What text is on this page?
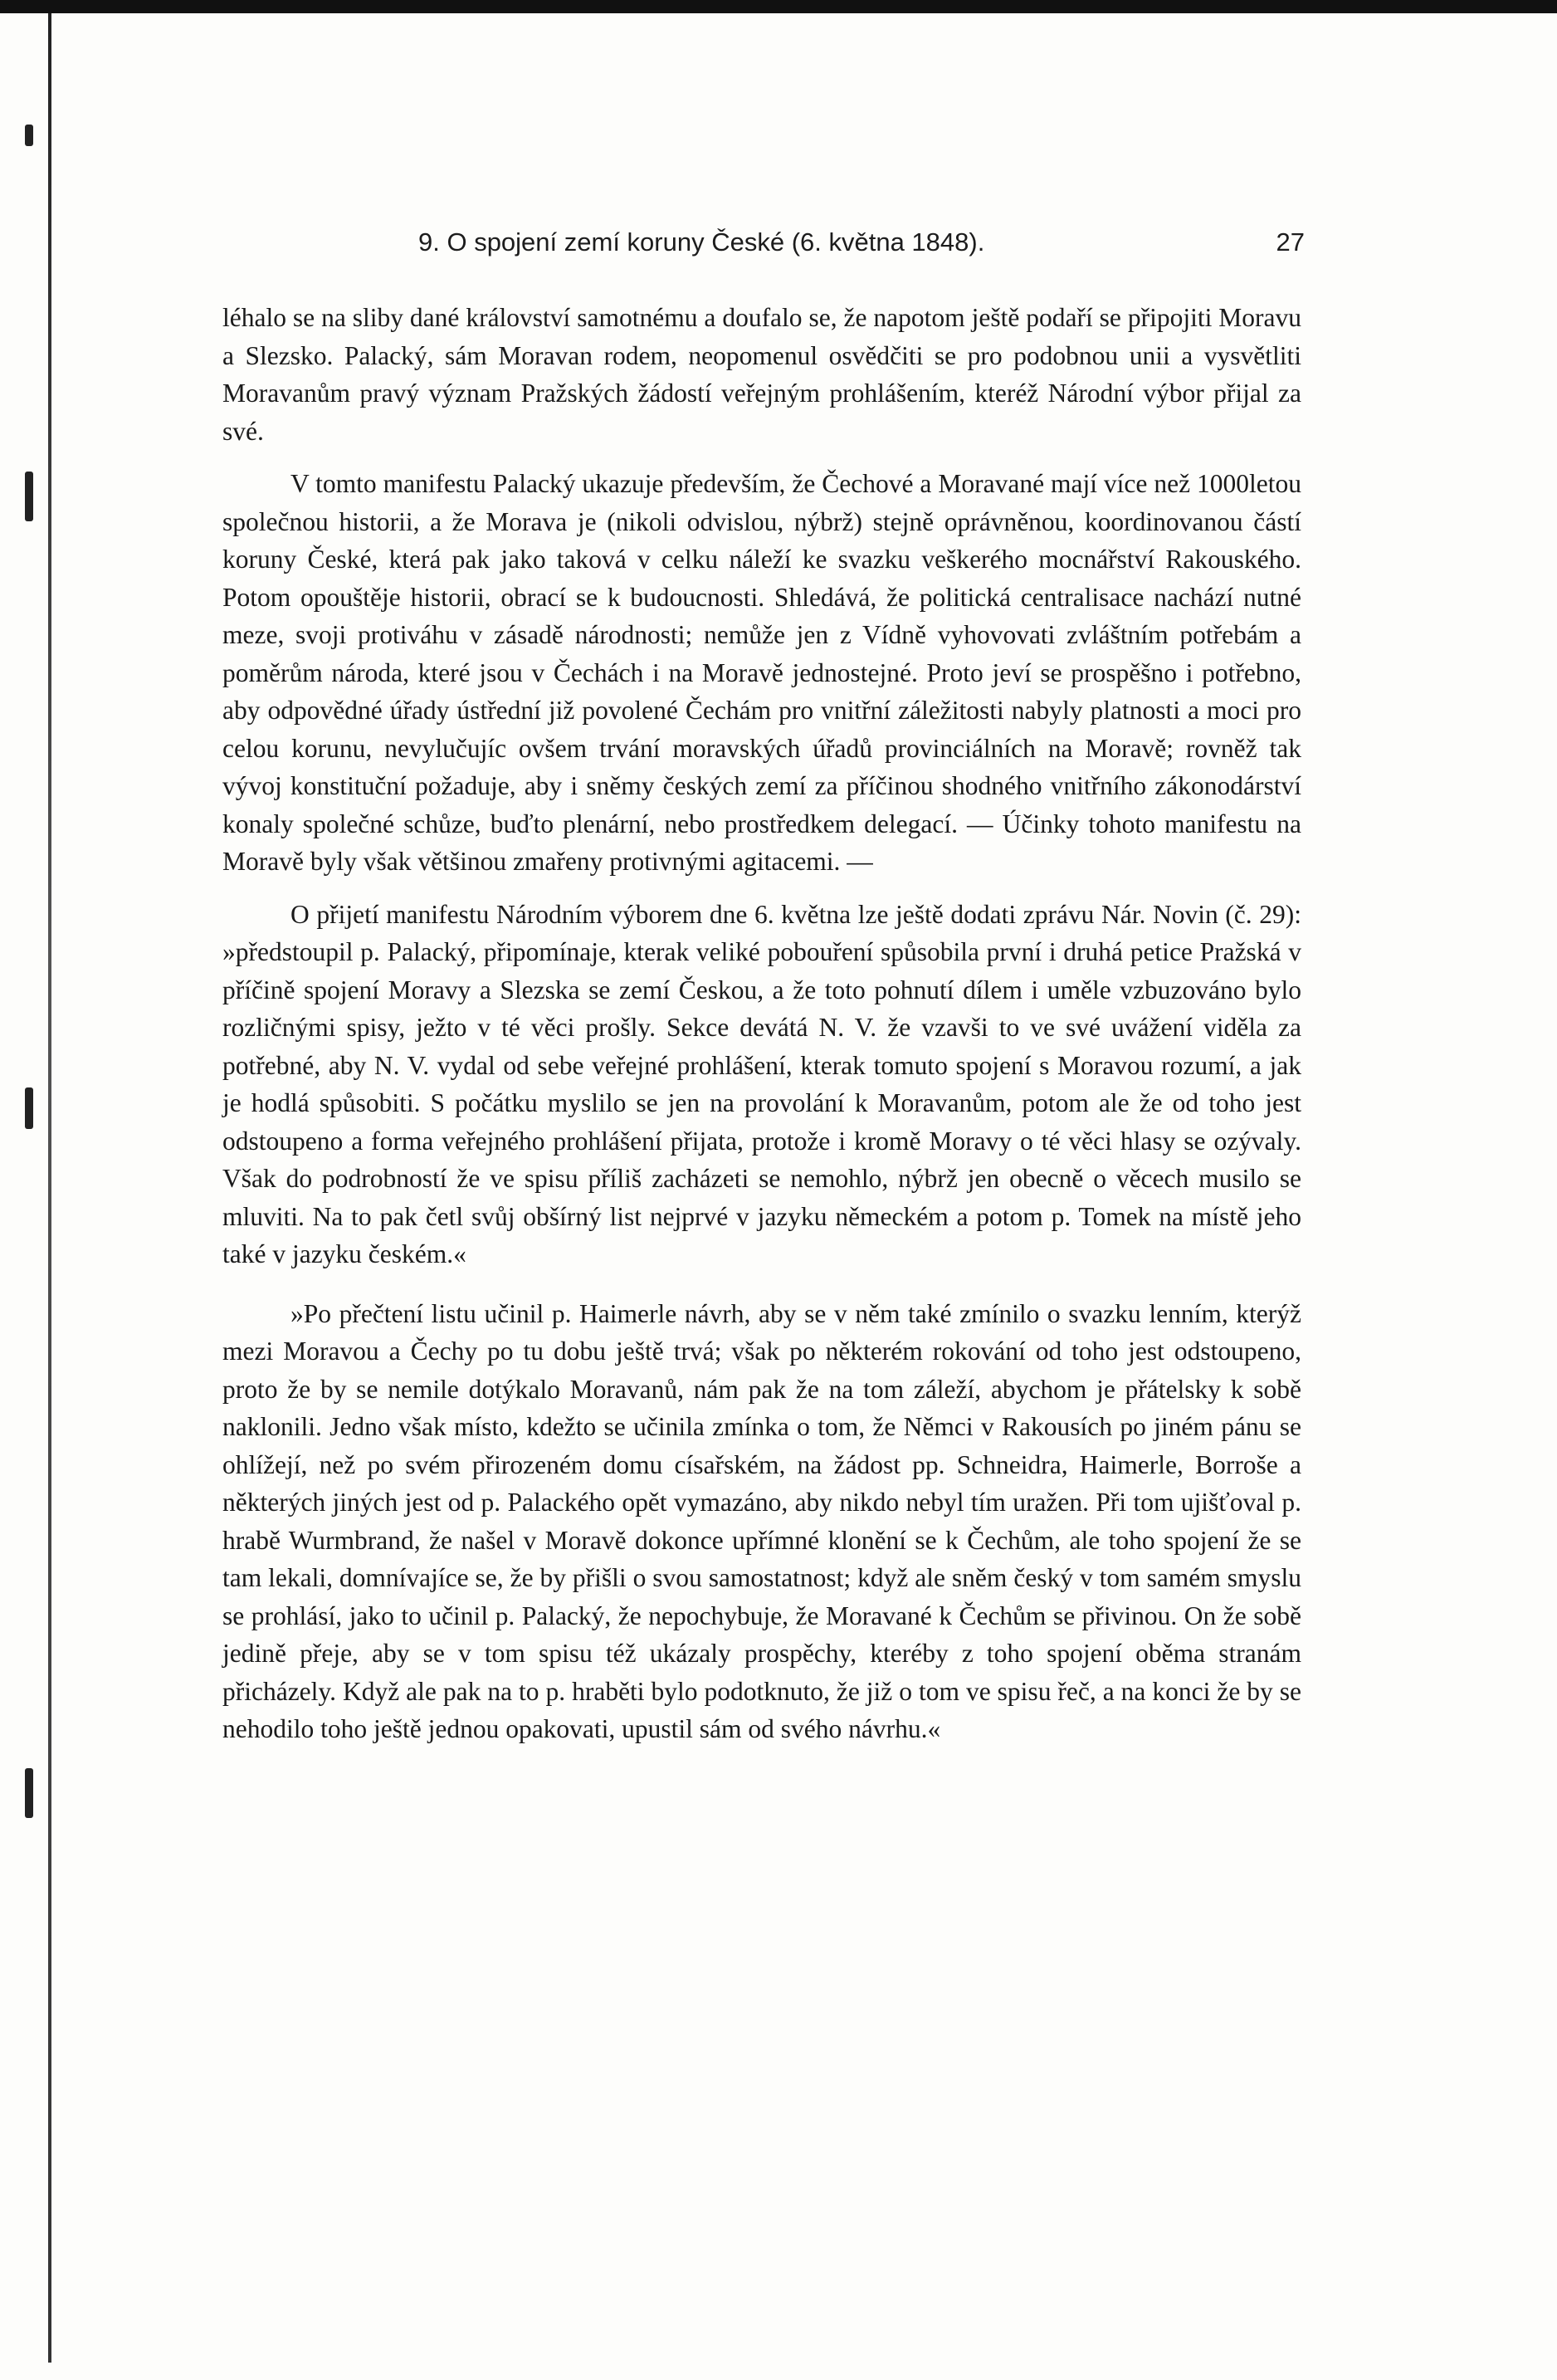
9. O spojení zemí koruny České (6. května 1848).	27

léhalo se na sliby dané království samotnému a doufalo se, že napotom ještě podaří se připojiti Moravu a Slezsko. Palacký, sám Moravan rodem, neopomenul osvědčiti se pro podobnou unii a vysvětliti Moravanům pravý význam Pražských žádostí veřejným prohlášením, kteréž Národní výbor přijal za své.

V tomto manifestu Palacký ukazuje především, že Čechové a Moravané mají více než 1000letou společnou historii, a že Morava je (nikoli odvislou, nýbrž) stejně oprávněnou, koordinovanou částí koruny České, která pak jako taková v celku náleží ke svazku veškerého mocnářství Rakouského. Potom opouštěje historii, obrací se k budoucnosti. Shledává, že politická centralisace nachází nutné meze, svoji protiváhu v zásadě národnosti; nemůže jen z Vídně vyhovovati zvláštním potřebám a poměrům národa, které jsou v Čechách i na Moravě jednostejné. Proto jeví se prospěšno i potřebno, aby odpovědné úřady ústřední již povolené Čechám pro vnitřní záležitosti nabyly platnosti a moci pro celou korunu, nevylučujíc ovšem trvání moravských úřadů provinciálních na Moravě; rovněž tak vývoj konstituční požaduje, aby i sněmy českých zemí za příčinou shodného vnitřního zákonodárství konaly společné schůze, buďto plenární, nebo prostředkem delegací. — Účinky tohoto manifestu na Moravě byly však většinou zmařeny protivnými agitacemi. —

O přijetí manifestu Národním výborem dne 6. května lze ještě dodati zprávu Nár. Novin (č. 29): »předstoupil p. Palacký, připomínaje, kterak veliké pobouření spůsobila první i druhá petice Pražská v příčině spojení Moravy a Slezska se zemí Českou, a že toto pohnutí dílem i uměle vzbuzováno bylo rozličnými spisy, ježto v té věci prošly. Sekce devátá N. V. že vzavši to ve své uvážení viděla za potřebné, aby N. V. vydal od sebe veřejné prohlášení, kterak tomuto spojení s Moravou rozumí, a jak je hodlá spůsobiti. S počátku myslilo se jen na provolání k Moravanům, potom ale že od toho jest odstoupeno a forma veřejného prohlášení přijata, protože i kromě Moravy o té věci hlasy se ozývaly. Však do podrobností že ve spisu příliš zacházeti se nemohlo, nýbrž jen obecně o věcech musilo se mluviti. Na to pak četl svůj obšírný list nejprvé v jazyku německém a potom p. Tomek na místě jeho také v jazyku českém.«

»Po přečtení listu učinil p. Haimerle návrh, aby se v něm také zmínilo o svazku lenním, kterýž mezi Moravou a Čechy po tu dobu ještě trvá; však po některém rokování od toho jest odstoupeno, proto že by se nemile dotýkalo Moravanů, nám pak že na tom záleží, abychom je přátelsky k sobě naklonili. Jedno však místo, kdežto se učinila zmínka o tom, že Němci v Rakousích po jiném pánu se ohlížejí, než po svém přirozeném domu císařském, na žádost pp. Schneidra, Haimerle, Borroše a některých jiných jest od p. Palackého opět vymazáno, aby nikdo nebyl tím uražen. Při tom ujišťoval p. hrabě Wurmbrand, že našel v Moravě dokonce upřímné klonění se k Čechům, ale toho spojení že se tam lekali, domnívajíce se, že by přišli o svou samostatnost; když ale sněm český v tom samém smyslu se prohlásí, jako to učinil p. Palacký, že nepochybuje, že Moravané k Čechům se přivinou. On že sobě jedině přeje, aby se v tom spisu též ukázaly prospěchy, kteréby z toho spojení oběma stranám přicházely. Když ale pak na to p. hraběti bylo podotknuto, že již o tom ve spisu řeč, a na konci že by se nehodilo toho ještě jednou opakovati, upustil sám od svého návrhu.«
